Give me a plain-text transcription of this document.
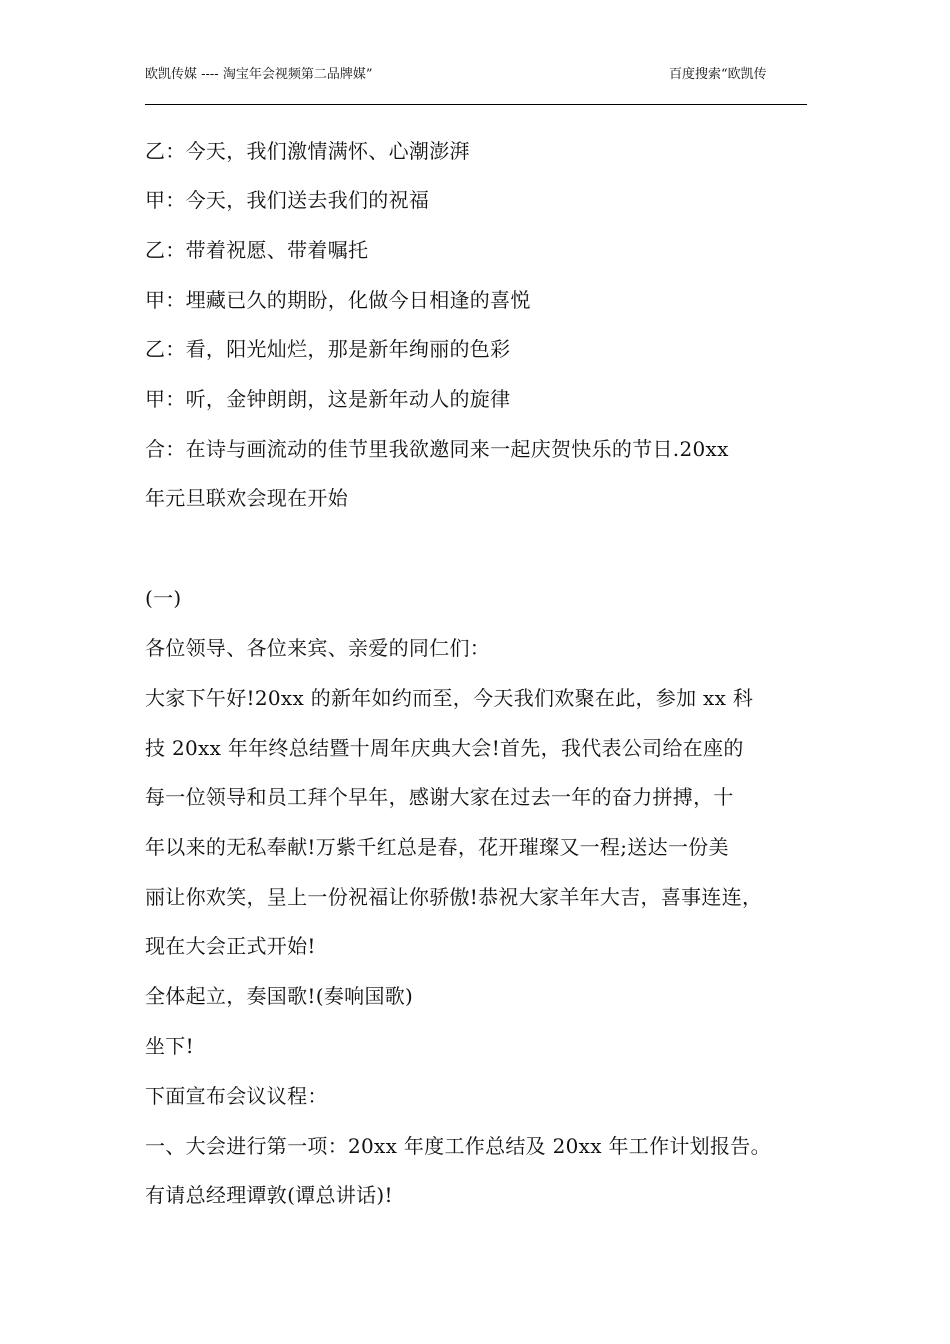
欧凯传媒 ---- 淘宝年会视频第二品牌媒”	百度搜索“欧凯传
乙：今天，我们激情满怀、心潮澎湃
甲：今天，我们送去我们的祝福
乙：带着祝愿、带着嘱托
甲：埋藏已久的期盼，化做今日相逢的喜悦
乙：看，阳光灿烂，那是新年绚丽的色彩
甲：听，金钟朗朗，这是新年动人的旋律
合：在诗与画流动的佳节里我欲邀同来一起庆贺快乐的节日.20xx
年元旦联欢会现在开始
(一)
各位领导、各位来宾、亲爱的同仁们：
大家下午好!20xx 的新年如约而至，今天我们欢聚在此，参加 xx 科
技 20xx 年年终总结暨十周年庆典大会!首先，我代表公司给在座的
每一位领导和员工拜个早年，感谢大家在过去一年的奋力拼搏，十
年以来的无私奉献!万紫千红总是春，花开璀璨又一程;送达一份美
丽让你欢笑，呈上一份祝福让你骄傲!恭祝大家羊年大吉，喜事连连，
现在大会正式开始!
全体起立，奏国歌!(奏响国歌)
坐下!
下面宣布会议议程：
一、大会进行第一项：20xx 年度工作总结及 20xx 年工作计划报告。
有请总经理谭敦(谭总讲话)!
